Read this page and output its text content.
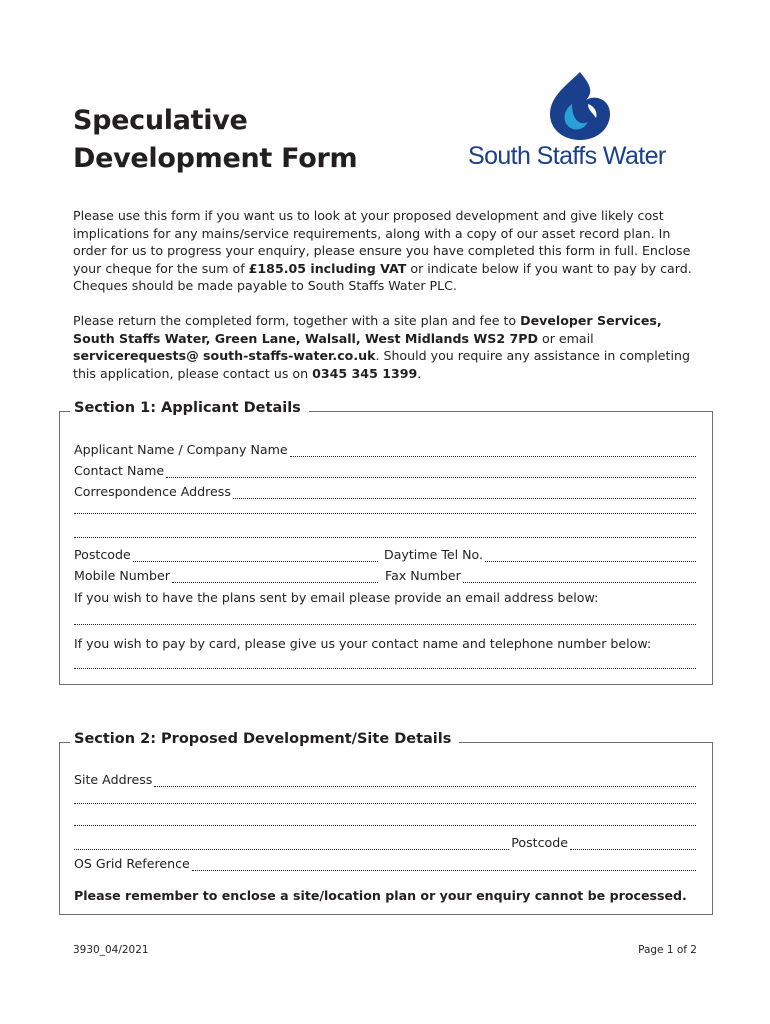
Speculative
Development Form	South Staffs Water

Please use this form if you want us to look at your proposed development and give likely cost implications for any mains/service requirements, along with a copy of our asset record plan. In order for us to progress your enquiry, please ensure you have completed this form in full. Enclose your cheque for the sum of £185.05 including VAT or indicate below if you want to pay by card. Cheques should be made payable to South Staffs Water PLC.

Please return the completed form, together with a site plan and fee to Developer Services, South Staffs Water, Green Lane, Walsall, West Midlands WS2 7PD or email servicerequests@ south-staffs-water.co.uk. Should you require any assistance in completing this application, please contact us on 0345 345 1399.

Section 1: Applicant Details
Applicant Name / Company Name
Contact Name
Correspondence Address
Postcode	Daytime Tel No.
Mobile Number	Fax Number
If you wish to have the plans sent by email please provide an email address below:
If you wish to pay by card, please give us your contact name and telephone number below:
Section 2: Proposed Development/Site Details
Site Address
Postcode
OS Grid Reference
Please remember to enclose a site/location plan or your enquiry cannot be processed.
3930_04/2021	Page 1 of 2
